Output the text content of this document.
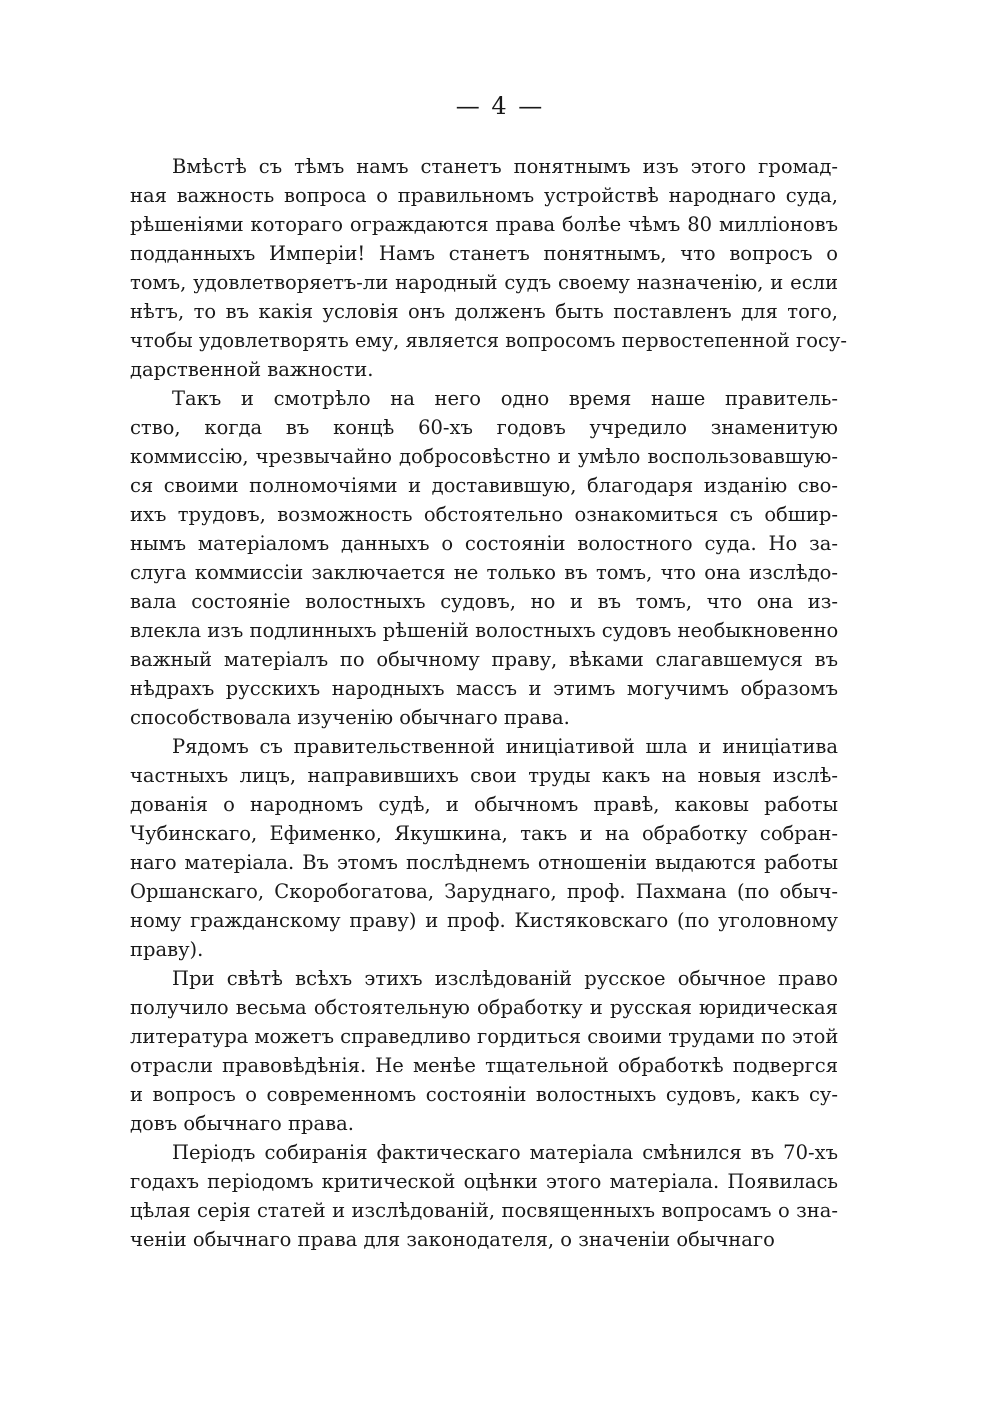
— 4 —
Вмѣстѣ съ тѣмъ намъ станетъ понятнымъ изъ этого громад-
ная важность вопроса о правильномъ устройствѣ народнаго суда,
рѣшеніями котораго ограждаются права болѣе чѣмъ 80 милліоновъ
подданныхъ Имперіи! Намъ станетъ понятнымъ, что вопросъ о
томъ, удовлетворяетъ-ли народный судъ своему назначенію, и если
нѣтъ, то въ какія условія онъ долженъ быть поставленъ для того,
чтобы удовлетворять ему, является вопросомъ первостепенной госу-
дарственной важности.
Такъ и смотрѣло на него одно время наше правитель-
ство, когда въ концѣ 60-хъ годовъ учредило знаменитую
коммиссію, чрезвычайно добросовѣстно и умѣло воспользовавшую-
ся своими полномочіями и доставившую, благодаря изданію сво-
ихъ трудовъ, возможность обстоятельно ознакомиться съ обшир-
нымъ матеріаломъ данныхъ о состояніи волостного суда. Но за-
слуга коммиссіи заключается не только въ томъ, что она изслѣдо-
вала состояніе волостныхъ судовъ, но и въ томъ, что она из-
влекла изъ подлинныхъ рѣшеній волостныхъ судовъ необыкновенно
важный матеріалъ по обычному праву, вѣками слагавшемуся въ
нѣдрахъ русскихъ народныхъ массъ и этимъ могучимъ образомъ
способствовала изученію обычнаго права.
Рядомъ съ правительственной иниціативой шла и иниціатива
частныхъ лицъ, направившихъ свои труды какъ на новыя изслѣ-
дованія о народномъ судѣ, и обычномъ правѣ, каковы работы
Чубинскаго, Ефименко, Якушкина, такъ и на обработку собран-
наго матеріала. Въ этомъ послѣднемъ отношеніи выдаются работы
Оршанскаго, Скоробогатова, Заруднаго, проф. Пахмана (по обыч-
ному гражданскому праву) и проф. Кистяковскаго (по уголовному
праву).
При свѣтѣ всѣхъ этихъ изслѣдованій русское обычное право
получило весьма обстоятельную обработку и русская юридическая
литература можетъ справедливо гордиться своими трудами по этой
отрасли правовѣдѣнія. Не менѣе тщательной обработкѣ подвергся
и вопросъ о современномъ состояніи волостныхъ судовъ, какъ су-
довъ обычнаго права.
Періодъ собиранія фактическаго матеріала смѣнился въ 70-хъ
годахъ періодомъ критической оцѣнки этого матеріала. Появилась
цѣлая серія статей и изслѣдованій, посвященныхъ вопросамъ о зна-
ченіи обычнаго права для законодателя, о значеніи обычнаго
